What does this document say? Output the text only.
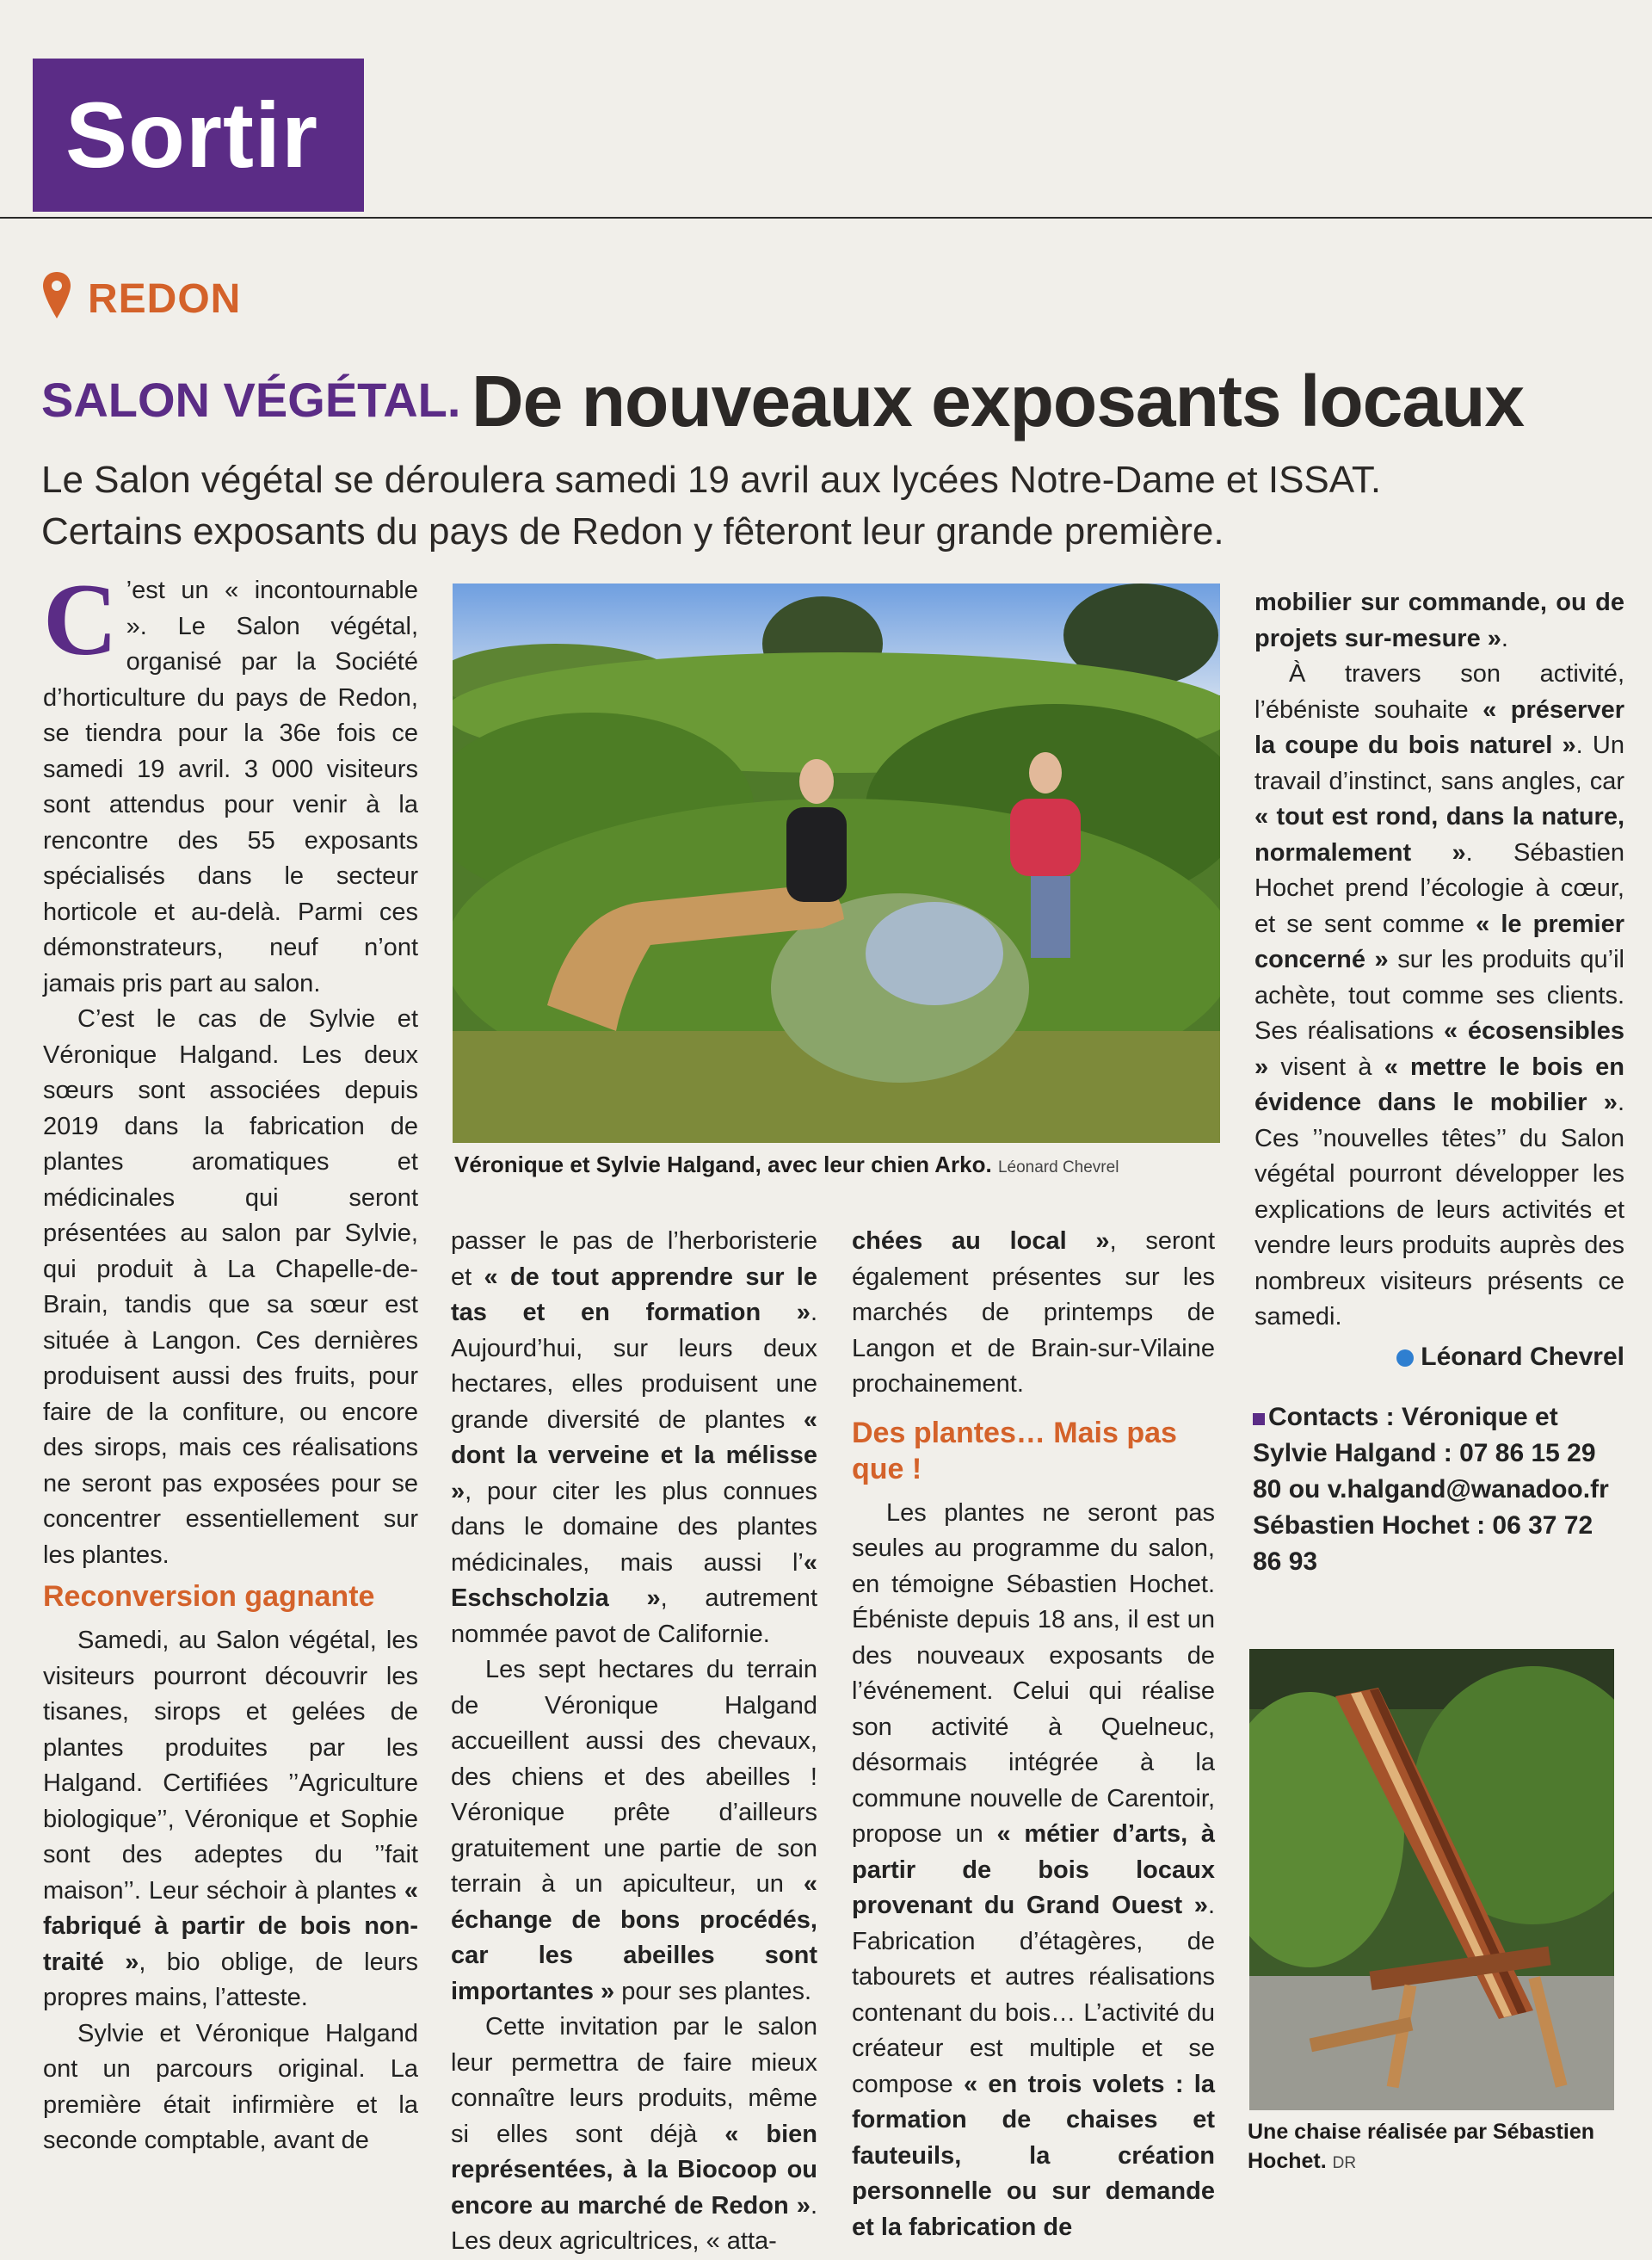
Sortir
REDON
SALON VÉGÉTAL. De nouveaux exposants locaux
Le Salon végétal se déroulera samedi 19 avril aux lycées Notre-Dame et ISSAT.
Certains exposants du pays de Redon y fêteront leur grande première.

C ’est un « incontournable ». Le Salon végétal, organisé par la Société d’horticulture du pays de Redon, se tiendra pour la 36e fois ce samedi 19 avril. 3 000 visiteurs sont attendus pour venir à la rencontre des 55 exposants spécialisés dans le secteur horticole et au-delà. Parmi ces démonstrateurs, neuf n’ont jamais pris part au salon.

C’est le cas de Sylvie et Véronique Halgand. Les deux sœurs sont associées depuis 2019 dans la fabrication de plantes aromatiques et médicinales qui seront présentées au salon par Sylvie, qui produit à La Chapelle-de-Brain, tandis que sa sœur est située à Langon. Ces dernières produisent aussi des fruits, pour faire de la confiture, ou encore des sirops, mais ces réalisations ne seront pas exposées pour se concentrer essentiellement sur les plantes.

Reconversion gagnante

Samedi, au Salon végétal, les visiteurs pourront découvrir les tisanes, sirops et gelées de plantes produites par les Halgand. Certifiées ’’Agriculture biologique’’, Véronique et Sophie sont des adeptes du ’’fait maison’’. Leur séchoir à plantes « fabriqué à partir de bois non-traité », bio oblige, de leurs propres mains, l’atteste.

Sylvie et Véronique Halgand ont un parcours original. La première était infirmière et la seconde comptable, avant de

Véronique et Sylvie Halgand, avec leur chien Arko. Léonard Chevrel

passer le pas de l’herboristerie et « de tout apprendre sur le tas et en formation ». Aujourd’hui, sur leurs deux hectares, elles produisent une grande diversité de plantes « dont la verveine et la mélisse », pour citer les plus connues dans le domaine des plantes médicinales, mais aussi l’« Eschscholzia », autrement nommée pavot de Californie.

Les sept hectares du terrain de Véronique Halgand accueillent aussi des chevaux, des chiens et des abeilles ! Véronique prête d’ailleurs gratuitement une partie de son terrain à un apiculteur, un « échange de bons procédés, car les abeilles sont importantes » pour ses plantes.

Cette invitation par le salon leur permettra de faire mieux connaître leurs produits, même si elles sont déjà « bien représentées, à la Biocoop ou encore au marché de Redon ». Les deux agricultrices, « atta-

chées au local », seront également présentes sur les marchés de printemps de Langon et de Brain-sur-Vilaine prochainement.

Des plantes… Mais pas que !

Les plantes ne seront pas seules au programme du salon, en témoigne Sébastien Hochet. Ébéniste depuis 18 ans, il est un des nouveaux exposants de l’événement. Celui qui réalise son activité à Quelneuc, désormais intégrée à la commune nouvelle de Carentoir, propose un « métier d’arts, à partir de bois locaux provenant du Grand Ouest ». Fabrication d’étagères, de tabourets et autres réalisations contenant du bois… L’activité du créateur est multiple et se compose « en trois volets : la formation de chaises et fauteuils, la création personnelle ou sur demande et la fabrication de

mobilier sur commande, ou de projets sur-mesure ».

À travers son activité, l’ébéniste souhaite « préserver la coupe du bois naturel ». Un travail d’instinct, sans angles, car « tout est rond, dans la nature, normalement ». Sébastien Hochet prend l’écologie à cœur, et se sent comme « le premier concerné » sur les produits qu’il achète, tout comme ses clients. Ses réalisations « écosensibles » visent à « mettre le bois en évidence dans le mobilier ». Ces ’’nouvelles têtes’’ du Salon végétal pourront développer les explications de leurs activités et vendre leurs produits auprès des nombreux visiteurs présents ce samedi.

Léonard Chevrel
Contacts : Véronique et Sylvie Halgand : 07 86 15 29 80 ou v.halgand@wanadoo.fr Sébastien Hochet : 06 37 72 86 93
Une chaise réalisée par Sébastien Hochet. DR
